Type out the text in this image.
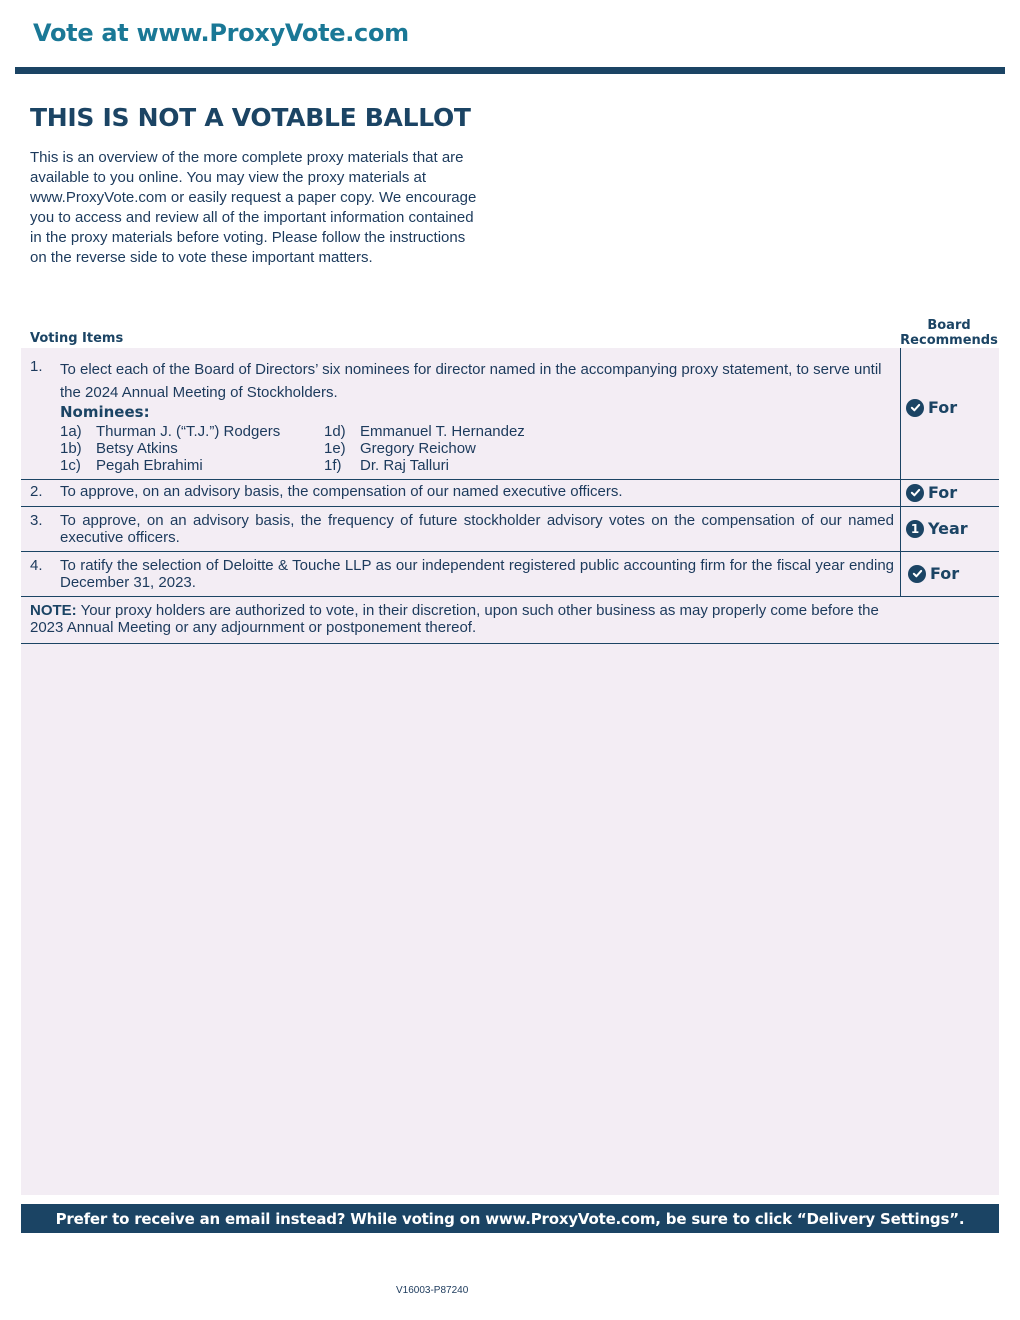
Vote at www.ProxyVote.com
THIS IS NOT A VOTABLE BALLOT
This is an overview of the more complete proxy materials that are available to you online. You may view the proxy materials at www.ProxyVote.com or easily request a paper copy. We encourage you to access and review all of the important information contained in the proxy materials before voting. Please follow the instructions on the reverse side to vote these important matters.
Voting Items
Board
Recommends
1. To elect each of the Board of Directors’ six nominees for director named in the accompanying proxy statement, to serve until the 2024 Annual Meeting of Stockholders.
Nominees:
1a) Thurman J. (“T.J.”) Rodgers
1b) Betsy Atkins
1c) Pegah Ebrahimi
1d) Emmanuel T. Hernandez
1e) Gregory Reichow
1f) Dr. Raj Talluri
For
2. To approve, on an advisory basis, the compensation of our named executive officers.	For
3. To approve, on an advisory basis, the frequency of future stockholder advisory votes on the compensation of our named executive officers.
1 Year
4. To ratify the selection of Deloitte & Touche LLP as our independent registered public accounting firm for the fiscal year ending December 31, 2023.	For
NOTE: Your proxy holders are authorized to vote, in their discretion, upon such other business as may properly come before the 2023 Annual Meeting or any adjournment or postponement thereof.
Prefer to receive an email instead? While voting on www.ProxyVote.com, be sure to click “Delivery Settings”.
V16003-P87240
